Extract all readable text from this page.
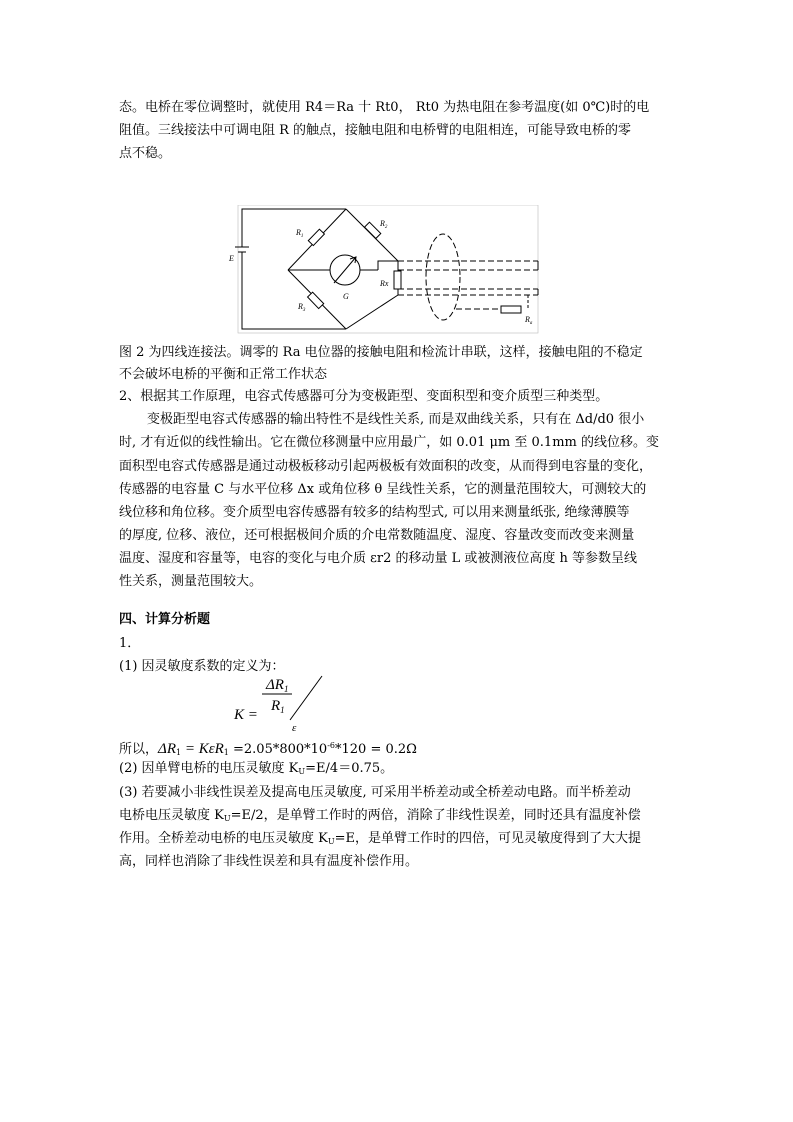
态。电桥在零位调整时，就使用 R4＝Ra 十 Rt0， Rt0 为热电阻在参考温度(如 0℃)时的电
阻值。三线接法中可调电阻 R 的触点，接触电阻和电桥臂的电阻相连，可能导致电桥的零
点不稳。
$R_1$
$R_3$
$R_2$
E
G
Rx
$R_a$
图 2 为四线连接法。调零的 Ra 电位器的接触电阻和检流计串联，这样，接触电阻的不稳定
不会破坏电桥的平衡和正常工作状态
2、根据其工作原理，电容式传感器可分为变极距型、变面积型和变介质型三种类型。
变极距型电容式传感器的输出特性不是线性关系, 而是双曲线关系，只有在 Δd/d0 很小
时, 才有近似的线性输出。它在微位移测量中应用最广，如 0.01 μm 至 0.1mm 的线位移。变
面积型电容式传感器是通过动极板移动引起两极板有效面积的改变，从而得到电容量的变化，
传感器的电容量 C 与水平位移 Δx 或角位移 θ 呈线性关系，它的测量范围较大，可测较大的
线位移和角位移。变介质型电容传感器有较多的结构型式, 可以用来测量纸张, 绝缘薄膜等
的厚度, 位移、液位，还可根据极间介质的介电常数随温度、湿度、容量改变而改变来测量
温度、湿度和容量等，电容的变化与电介质 εr2 的移动量 L 或被测液位高度 h 等参数呈线
性关系，测量范围较大。
四、计算分析题
1．
(1) 因灵敏度系数的定义为：
$\Delta R_1$
$R_1$
K =
ε
所以，$\Delta R_1 = K\varepsilon R_1 =2.05*800*10^{-6}*120 = 0.2\Omega$
(2) 因单臂电桥的电压灵敏度 $K_U=E/4=0.75$。
(3) 若要减小非线性误差及提高电压灵敏度, 可采用半桥差动或全桥差动电路。而半桥差动
电桥电压灵敏度 $K_U=E/2$，是单臂工作时的两倍，消除了非线性误差，同时还具有温度补偿
作用。全桥差动电桥的电压灵敏度 $K_U=E$，是单臂工作时的四倍，可见灵敏度得到了大大提
高，同样也消除了非线性误差和具有温度补偿作用。
